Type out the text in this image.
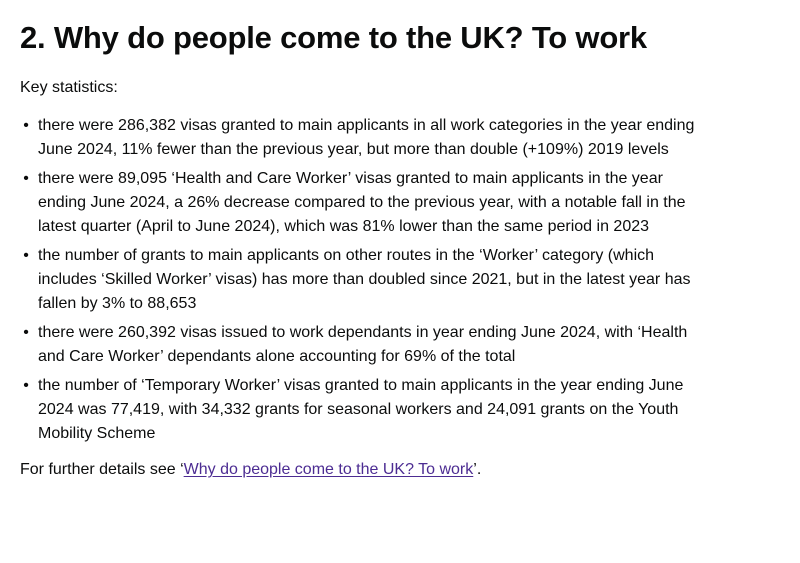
2. Why do people come to the UK? To work

Key statistics:

• there were 286,382 visas granted to main applicants in all work categories in the year ending June 2024, 11% fewer than the previous year, but more than double (+109%) 2019 levels
• there were 89,095 ‘Health and Care Worker’ visas granted to main applicants in the year ending June 2024, a 26% decrease compared to the previous year, with a notable fall in the latest quarter (April to June 2024), which was 81% lower than the same period in 2023
• the number of grants to main applicants on other routes in the ‘Worker’ category (which includes ‘Skilled Worker’ visas) has more than doubled since 2021, but in the latest year has fallen by 3% to 88,653
• there were 260,392 visas issued to work dependants in year ending June 2024, with ‘Health and Care Worker’ dependants alone accounting for 69% of the total
• the number of ‘Temporary Worker’ visas granted to main applicants in the year ending June 2024 was 77,419, with 34,332 grants for seasonal workers and 24,091 grants on the Youth Mobility Scheme

For further details see ‘Why do people come to the UK? To work’.
